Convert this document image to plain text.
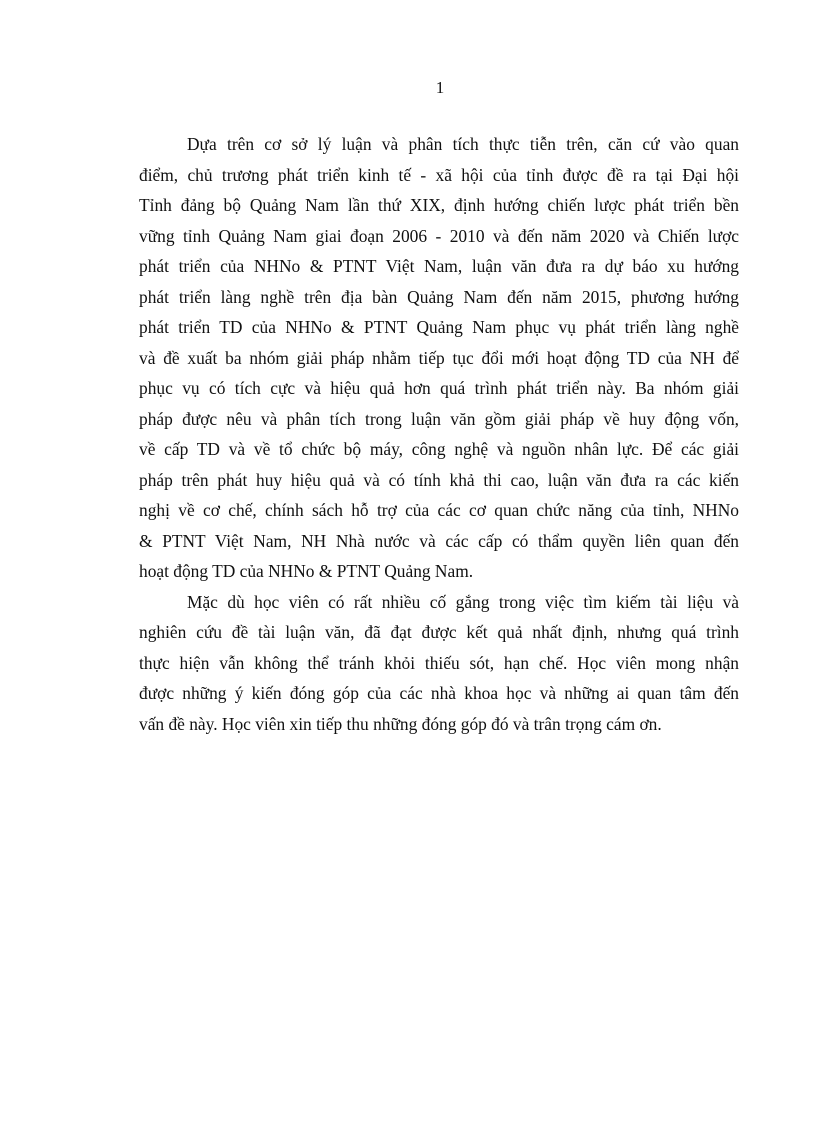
1
Dựa trên cơ sở lý luận và phân tích thực tiễn trên, căn cứ vào quan
điểm, chủ trương phát triển kinh tế - xã hội của tỉnh được đề ra tại Đại hội
Tỉnh đảng bộ Quảng Nam lần thứ XIX, định hướng chiến lược phát triển bền
vững tỉnh Quảng Nam giai đoạn 2006 - 2010 và đến năm 2020 và Chiến lược
phát triển của NHNo & PTNT Việt Nam, luận văn đưa ra dự báo xu hướng
phát triển làng nghề trên địa bàn Quảng Nam đến năm 2015, phương hướng
phát triển TD của NHNo & PTNT Quảng Nam phục vụ phát triển làng nghề
và đề xuất ba nhóm giải pháp nhằm tiếp tục đổi mới hoạt động TD của NH để
phục vụ có tích cực và hiệu quả hơn quá trình phát triển này. Ba nhóm giải
pháp được nêu và phân tích trong luận văn gồm giải pháp về huy động vốn,
về cấp TD và về tổ chức bộ máy, công nghệ và nguồn nhân lực. Để các giải
pháp trên phát huy hiệu quả và có tính khả thi cao, luận văn đưa ra các kiến
nghị về cơ chế, chính sách hỗ trợ của các cơ quan chức năng của tỉnh, NHNo
& PTNT Việt Nam, NH Nhà nước và các cấp có thẩm quyền liên quan đến
hoạt động TD của NHNo & PTNT Quảng Nam.
Mặc dù học viên có rất nhiều cố gắng trong việc tìm kiếm tài liệu và
nghiên cứu đề tài luận văn, đã đạt được kết quả nhất định, nhưng quá trình
thực hiện vẫn không thể tránh khỏi thiếu sót, hạn chế. Học viên mong nhận
được những ý kiến đóng góp của các nhà khoa học và những ai quan tâm đến
vấn đề này. Học viên xin tiếp thu những đóng góp đó và trân trọng cám ơn.
